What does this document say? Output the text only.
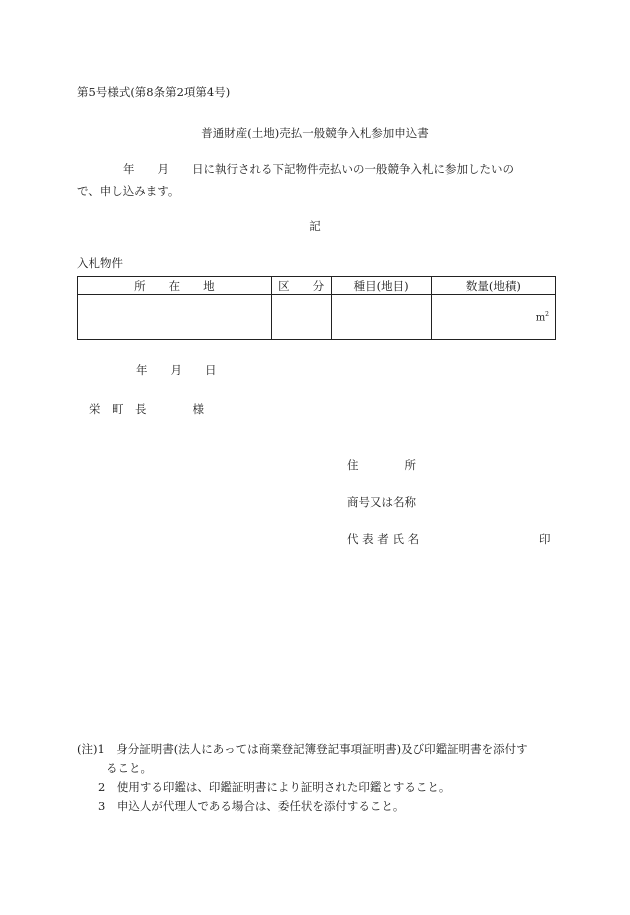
第5号様式(第8条第2項第4号)
普通財産(土地)売払一般競争入札参加申込書
　　　　年　　月　　日に執行される下記物件売払いの一般競争入札に参加したいの
で、申し込みます。
記
入札物件
所　　在　　地	区　　分	種目(地目)	数量(地積)
			$m^2$
年　　月　　日
栄　町　長　　　　様
住　　　　所
商号又は名称
代 表 者 氏 名	印
(注)1　身分証明書(法人にあっては商業登記簿登記事項証明書)及び印鑑証明書を添付す
ること。
2　使用する印鑑は、印鑑証明書により証明された印鑑とすること。
3　申込人が代理人である場合は、委任状を添付すること。
